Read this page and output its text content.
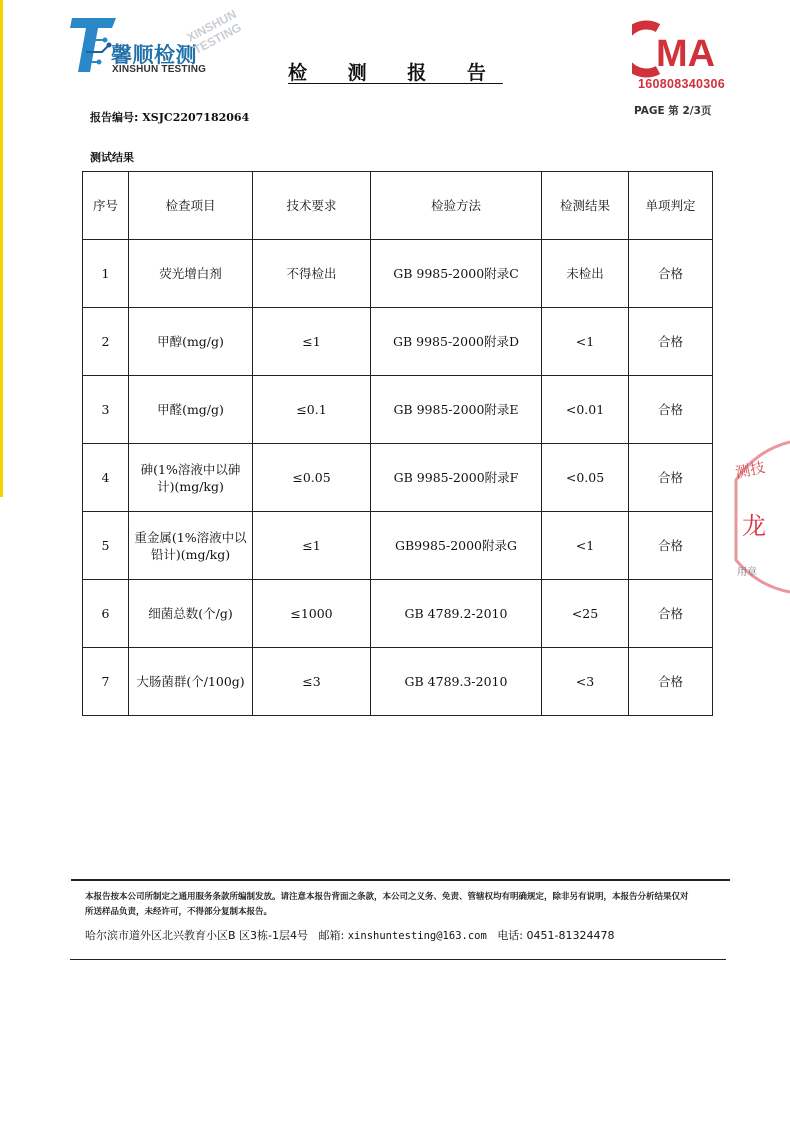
馨顺检测
XINSHUN TESTING
XINSHUN TESTING
检 测 报 告	MA
160808340306
PAGE 第 2/3页
报告编号: XSJC2207182064
测试结果
序号	检查项目	技术要求	检验方法	检测结果	单项判定
1	荧光增白剂	不得检出	GB 9985-2000附录C	未检出	合格
2	甲醇(mg/g)	≤1	GB 9985-2000附录D	<1	合格
3	甲醛(mg/g)	≤0.1	GB 9985-2000附录E	<0.01	合格
4	砷(1%溶液中以砷计)(mg/kg)	≤0.05	GB 9985-2000附录F	<0.05	合格
5	重金属(1%溶液中以铅计)(mg/kg)	≤1	GB9985-2000附录G	<1	合格
6	细菌总数(个/g)	≤1000	GB 4789.2-2010	<25	合格
7	大肠菌群(个/100g)	≤3	GB 4789.3-2010	<3	合格
测技
龙
用章
本报告按本公司所制定之通用服务条款所编制发放。请注意本报告背面之条款，本公司之义务、免责、管辖权均有明确规定，除非另有说明，本报告分析结果仅对所送样品负责，未经许可，不得部分复制本报告。
哈尔滨市道外区北兴教育小区B 区3栋-1层4号 邮箱: xinshuntesting@163.com 电话: 0451-81324478
